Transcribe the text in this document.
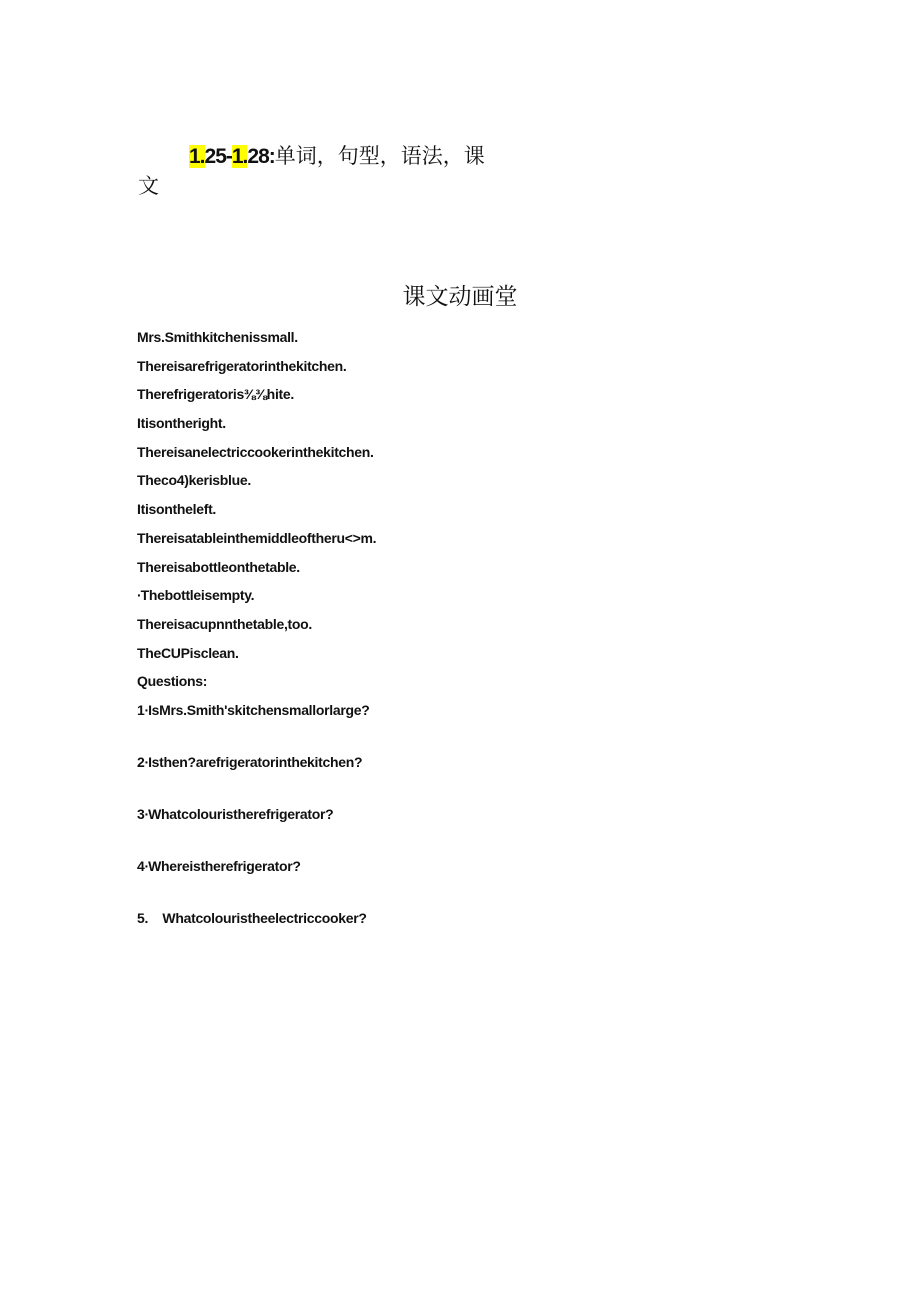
1.25-1.28:单词，句型，语法，课
文
课文动画堂
Mrs.Smithkitchenissmall.
Thereisarefrigeratorinthekitchen.
Therefrigeratoris⅜⅜hite.
Itisontheright.
Thereisanelectriccookerinthekitchen.
Theco4)kerisblue.
Itisontheleft.
Thereisatableinthemiddleoftheru<>m.
Thereisabottleonthetable.
∙Thebottleisempty.
Thereisacupnnthetable,too.
TheCUPisclean.
Questions:
1∙IsMrs.Smith'skitchensmallorlarge?
2∙Isthen?arefrigeratorinthekitchen?
3∙Whatcolouristherefrigerator?
4∙Whereistherefrigerator?
5.    Whatcolouristheelectriccooker?
